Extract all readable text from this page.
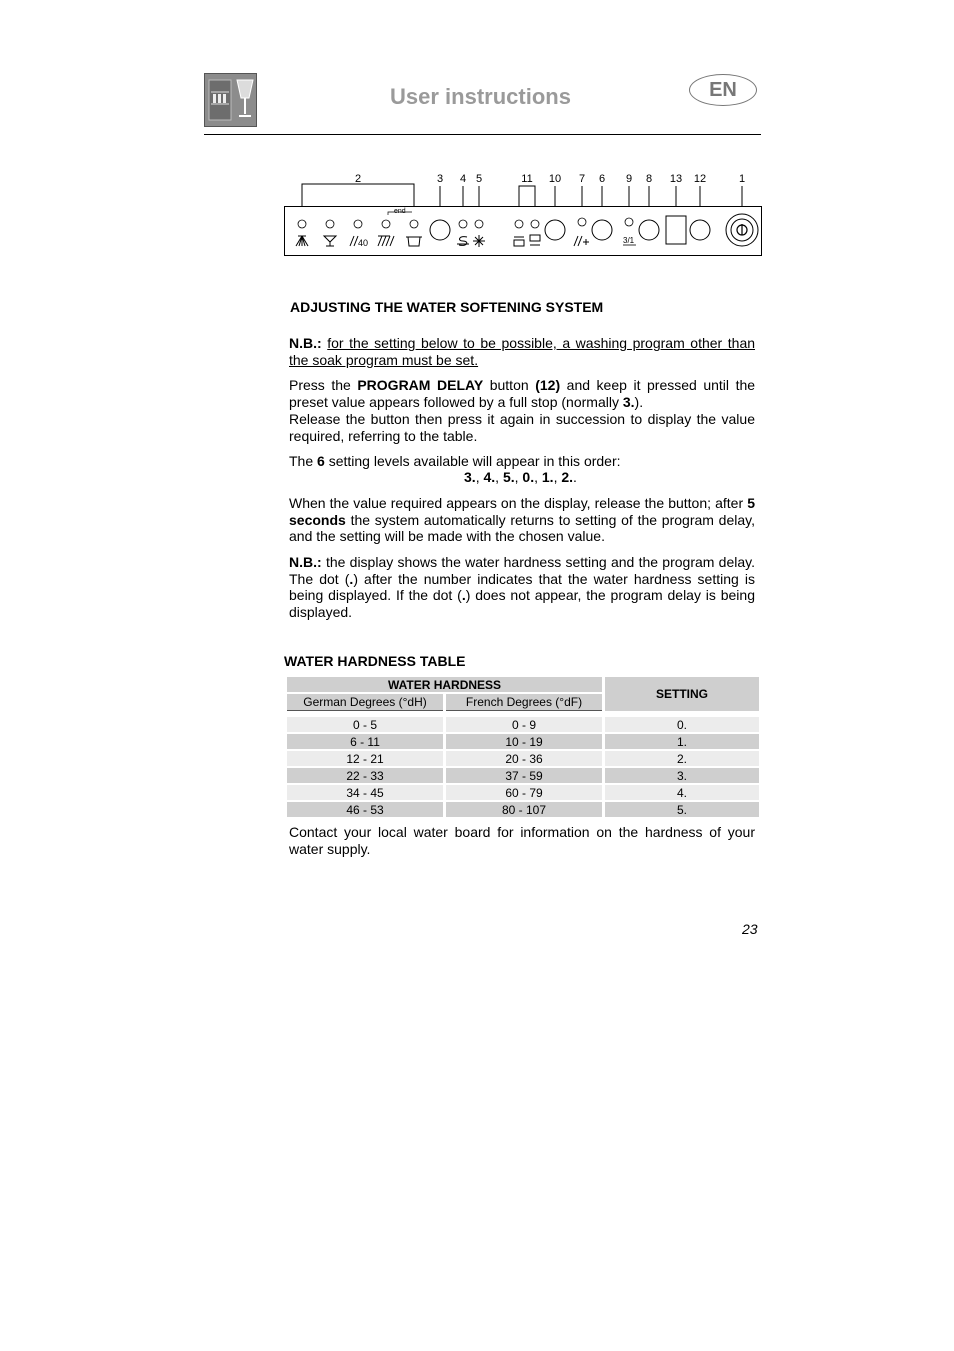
User instructions	EN
2	3 4 5	11 10 7 6 9 8 13 12	1
end
40	3/1
ADJUSTING THE WATER SOFTENING SYSTEM
N.B.: for the setting below to be possible, a washing program other than the soak program must be set.
Press the PROGRAM DELAY button (12) and keep it pressed until the preset value appears followed by a full stop (normally 3.).
Release the button then press it again in succession to display the value required, referring to the table.
The 6 setting levels available will appear in this order:
3., 4., 5., 0., 1., 2..
When the value required appears on the display, release the button; after 5 seconds the system automatically returns to setting of the program delay, and the setting will be made with the chosen value.
N.B.: the display shows the water hardness setting and the program delay. The dot (.) after the number indicates that the water hardness setting is being displayed. If the dot (.) does not appear, the program delay is being displayed.
WATER HARDNESS TABLE
WATER HARDNESS		SETTING
German Degrees (°dH)	French Degrees (°dF)	

0 - 5	0 - 9	0.
6 - 11	10 - 19	1.
12 - 21	20 - 36	2.
22 - 33	37 - 59	3.
34 - 45	60 - 79	4.
46 - 53	80 - 107	5.
Contact your local water board for information on the hardness of your water supply.
23
